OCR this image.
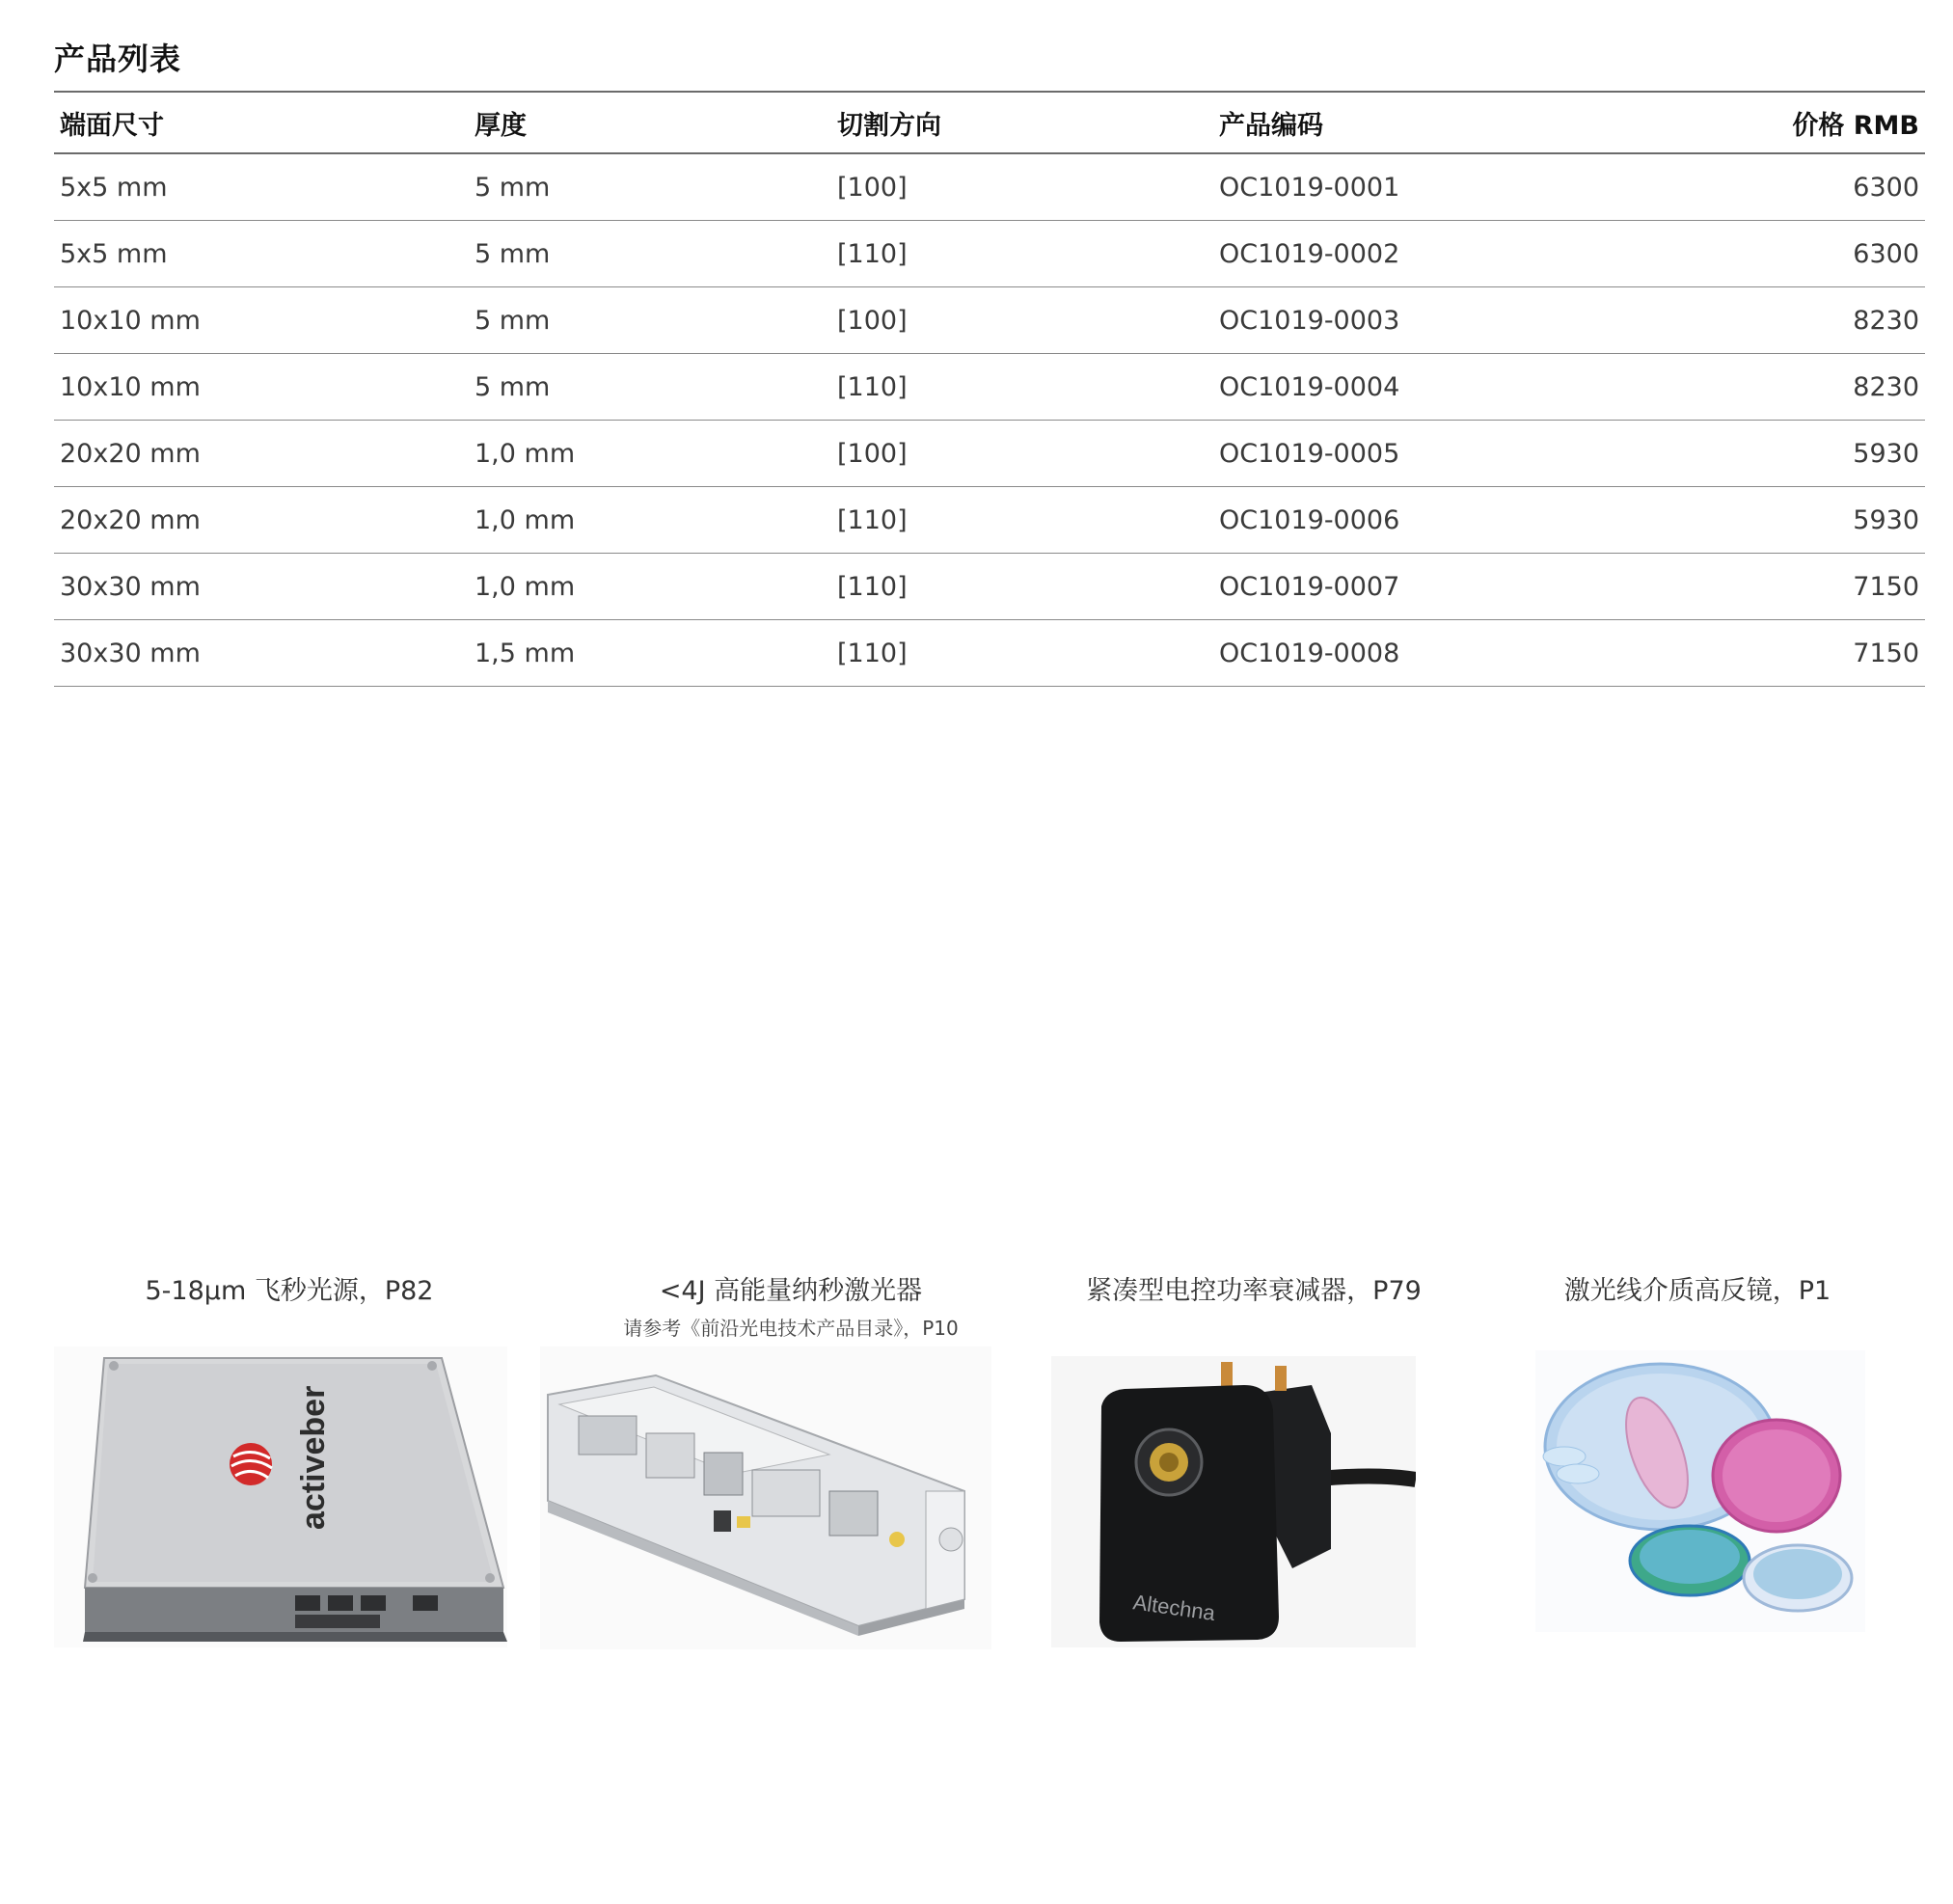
产品列表
端面尺寸	厚度	切割方向	产品编码	价格 RMB
5x5 mm	5 mm	[100]	OC1019-0001	6300
5x5 mm	5 mm	[110]	OC1019-0002	6300
10x10 mm	5 mm	[100]	OC1019-0003	8230
10x10 mm	5 mm	[110]	OC1019-0004	8230
20x20 mm	1,0 mm	[100]	OC1019-0005	5930
20x20 mm	1,0 mm	[110]	OC1019-0006	5930
30x30 mm	1,0 mm	[110]	OC1019-0007	7150
30x30 mm	1,5 mm	[110]	OC1019-0008	7150
5-18μm 飞秒光源，P82	<4J 高能量纳秒激光器
请参考《前沿光电技术产品目录》，P10
紧凑型电控功率衰减器，P79	激光线介质高反镜，P1
activeber
Altechna
